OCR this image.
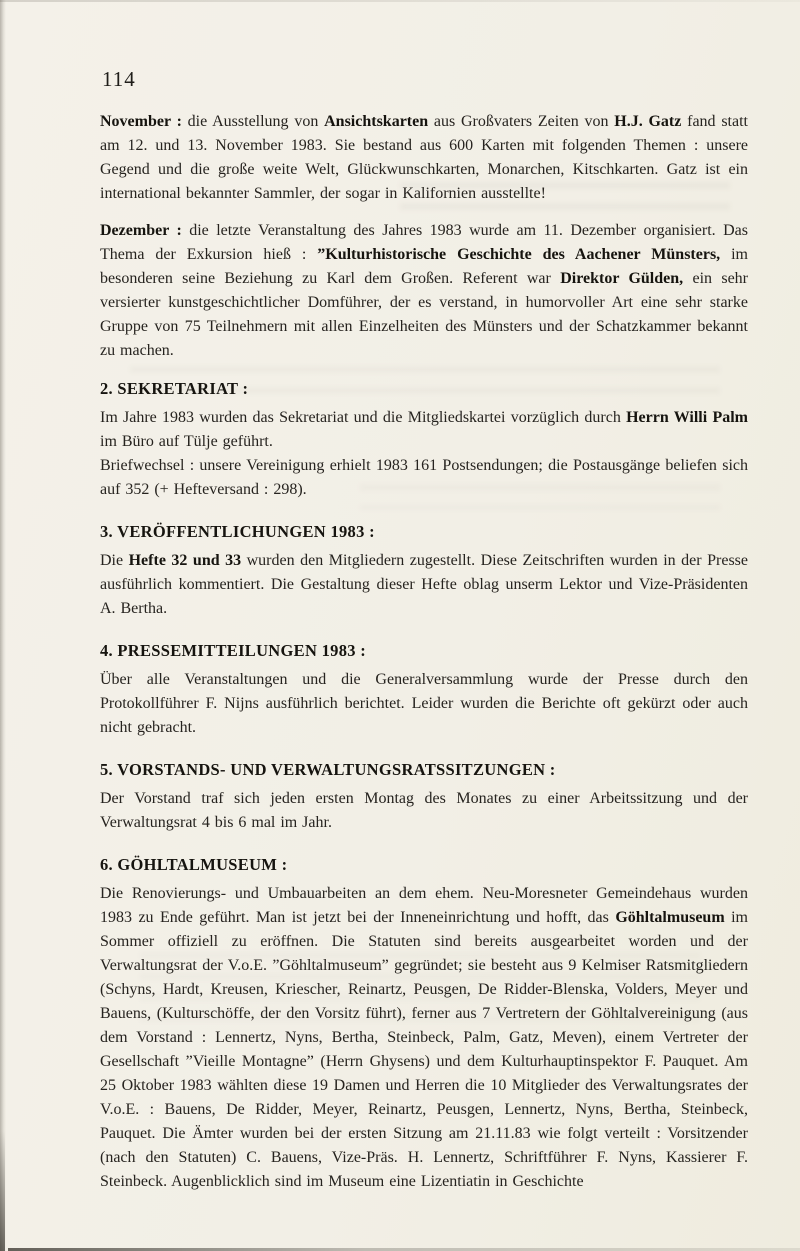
114
November : die Ausstellung von Ansichtskarten aus Großvaters Zeiten von H.J. Gatz fand statt am 12. und 13. November 1983. Sie bestand aus 600 Karten mit folgenden Themen : unsere Gegend und die große weite Welt, Glückwunschkarten, Monarchen, Kitschkarten. Gatz ist ein international bekannter Sammler, der sogar in Kalifornien ausstellte!
Dezember : die letzte Veranstaltung des Jahres 1983 wurde am 11. Dezember organisiert. Das Thema der Exkursion hieß : ”Kulturhistorische Geschichte des Aachener Münsters, im besonderen seine Beziehung zu Karl dem Großen. Referent war Direktor Gülden, ein sehr versierter kunstgeschichtlicher Domführer, der es verstand, in humorvoller Art eine sehr starke Gruppe von 75 Teilnehmern mit allen Einzelheiten des Münsters und der Schatzkammer bekannt zu machen.
2. SEKRETARIAT :
Im Jahre 1983 wurden das Sekretariat und die Mitgliedskartei vorzüglich durch Herrn Willi Palm im Büro auf Tülje geführt.
Briefwechsel : unsere Vereinigung erhielt 1983 161 Postsendungen; die Postausgänge beliefen sich auf 352 (+ Hefteversand : 298).
3. VERÖFFENTLICHUNGEN 1983 :
Die Hefte 32 und 33 wurden den Mitgliedern zugestellt. Diese Zeitschriften wurden in der Presse ausführlich kommentiert. Die Gestaltung dieser Hefte oblag unserm Lektor und Vize-Präsidenten A. Bertha.
4. PRESSEMITTEILUNGEN 1983 :
Über alle Veranstaltungen und die Generalversammlung wurde der Presse durch den Protokollführer F. Nijns ausführlich berichtet. Leider wurden die Berichte oft gekürzt oder auch nicht gebracht.
5. VORSTANDS- UND VERWALTUNGSRATSSITZUNGEN :
Der Vorstand traf sich jeden ersten Montag des Monates zu einer Arbeitssitzung und der Verwaltungsrat 4 bis 6 mal im Jahr.
6. GÖHLTALMUSEUM :
Die Renovierungs- und Umbauarbeiten an dem ehem. Neu-Moresneter Gemeindehaus wurden 1983 zu Ende geführt. Man ist jetzt bei der Inneneinrichtung und hofft, das Göhltalmuseum im Sommer offiziell zu eröffnen. Die Statuten sind bereits ausgearbeitet worden und der Verwaltungsrat der V.o.E. ”Göhltalmuseum” gegründet; sie besteht aus 9 Kelmiser Ratsmitgliedern (Schyns, Hardt, Kreusen, Kriescher, Reinartz, Peusgen, De Ridder-Blenska, Volders, Meyer und Bauens, (Kulturschöffe, der den Vorsitz führt), ferner aus 7 Vertretern der Göhltalvereinigung (aus dem Vorstand : Lennertz, Nyns, Bertha, Steinbeck, Palm, Gatz, Meven), einem Vertreter der Gesellschaft ”Vieille Montagne” (Herrn Ghysens) und dem Kulturhauptinspektor F. Pauquet. Am 25 Oktober 1983 wählten diese 19 Damen und Herren die 10 Mitglieder des Verwaltungsrates der V.o.E. : Bauens, De Ridder, Meyer, Reinartz, Peusgen, Lennertz, Nyns, Bertha, Steinbeck, Pauquet. Die Ämter wurden bei der ersten Sitzung am 21.11.83 wie folgt verteilt : Vorsitzender (nach den Statuten) C. Bauens, Vize-Präs. H. Lennertz, Schriftführer F. Nyns, Kassierer F. Steinbeck. Augenblicklich sind im Museum eine Lizentiatin in Geschichte
